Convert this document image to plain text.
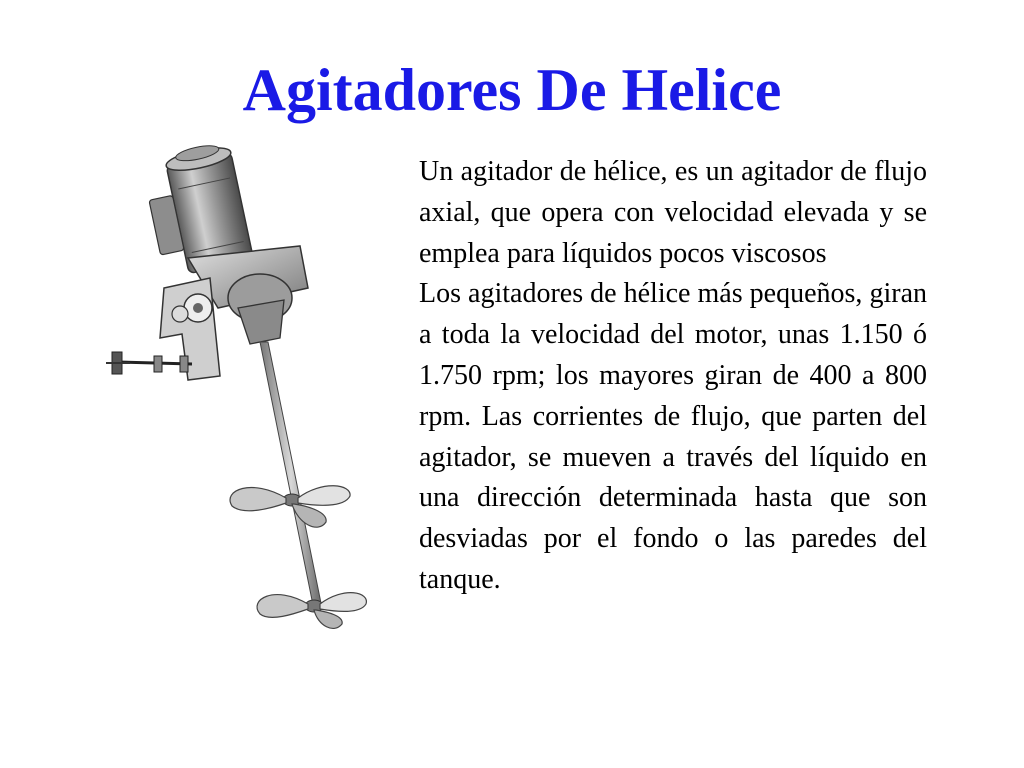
Agitadores De Helice

Un agitador de hélice, es un agitador de flujo axial, que opera con velocidad elevada y se emplea para líquidos pocos viscosos

Los agitadores de hélice más pequeños, giran a toda la velocidad del motor, unas 1.150 ó 1.750 rpm; los mayores giran de 400 a 800 rpm. Las corrientes de flujo, que parten del agitador, se mueven a través del líquido en una dirección determinada hasta que son desviadas por el fondo o las paredes del tanque.
